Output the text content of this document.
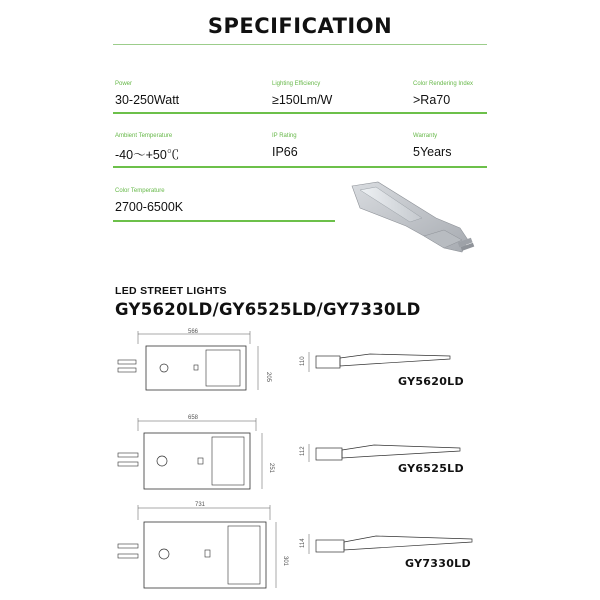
SPECIFICATION
Power
30-250Watt
Lighting Efficiency
≥150Lm/W
Color Rendering Index
>Ra70
Ambient Temperature
-40〜+50℃
IP Rating
IP66
Warranty
5Years
Color Temperature
2700-6500K
LED STREET LIGHTS
GY5620LD/GY6525LD/GY7330LD
566
205
110
GY5620LD
658
251
112
GY6525LD
731
301
114
GY7330LD
